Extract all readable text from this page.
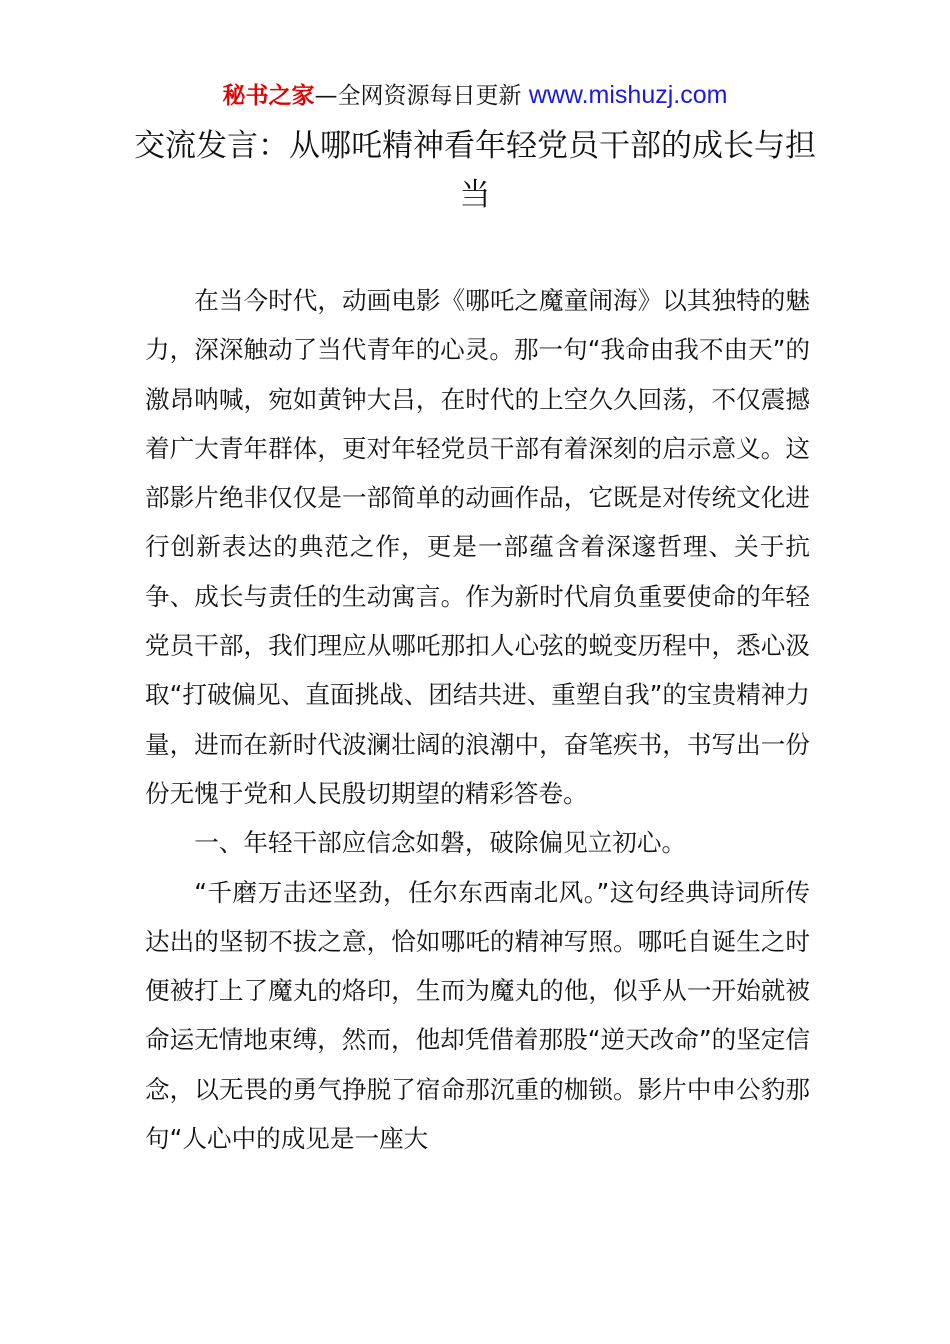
秘书之家—全网资源每日更新 www.mishuzj.com
交流发言：从哪吒精神看年轻党员干部的成长与担当

在当今时代，动画电影《哪吒之魔童闹海》以其独特的魅力，深深触动了当代青年的心灵。那一句“我命由我不由天”的激昂呐喊，宛如黄钟大吕，在时代的上空久久回荡，不仅震撼着广大青年群体，更对年轻党员干部有着深刻的启示意义。这部影片绝非仅仅是一部简单的动画作品，它既是对传统文化进行创新表达的典范之作，更是一部蕴含着深邃哲理、关于抗争、成长与责任的生动寓言。作为新时代肩负重要使命的年轻党员干部，我们理应从哪吒那扣人心弦的蜕变历程中，悉心汲取“打破偏见、直面挑战、团结共进、重塑自我”的宝贵精神力量，进而在新时代波澜壮阔的浪潮中，奋笔疾书，书写出一份份无愧于党和人民殷切期望的精彩答卷。

一、年轻干部应信念如磐，破除偏见立初心。

“千磨万击还坚劲，任尔东西南北风。”这句经典诗词所传达出的坚韧不拔之意，恰如哪吒的精神写照。哪吒自诞生之时便被打上了魔丸的烙印，生而为魔丸的他，似乎从一开始就被命运无情地束缚，然而，他却凭借着那股“逆天改命”的坚定信念，以无畏的勇气挣脱了宿命那沉重的枷锁。影片中申公豹那句“人心中的成见是一座大
